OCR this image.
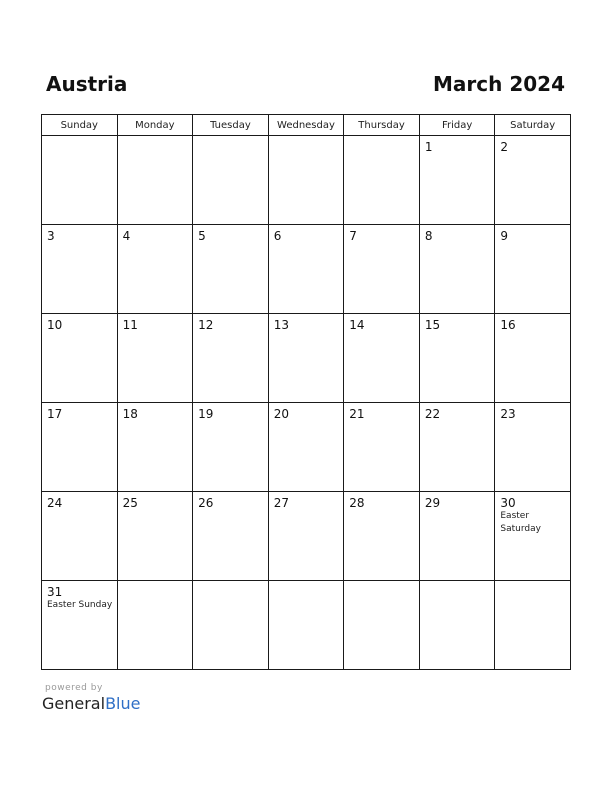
Austria	March 2024
Sunday	Monday	Tuesday	Wednesday	Thursday	Friday	Saturday

					1	2

3	4	5	6	7	8	9

10	11	12	13	14	15	16

17	18	19	20	21	22	23

24	25	26	27	28	29	30
Easter
Saturday

31
Easter Sunday						

powered by
GeneralBlue
